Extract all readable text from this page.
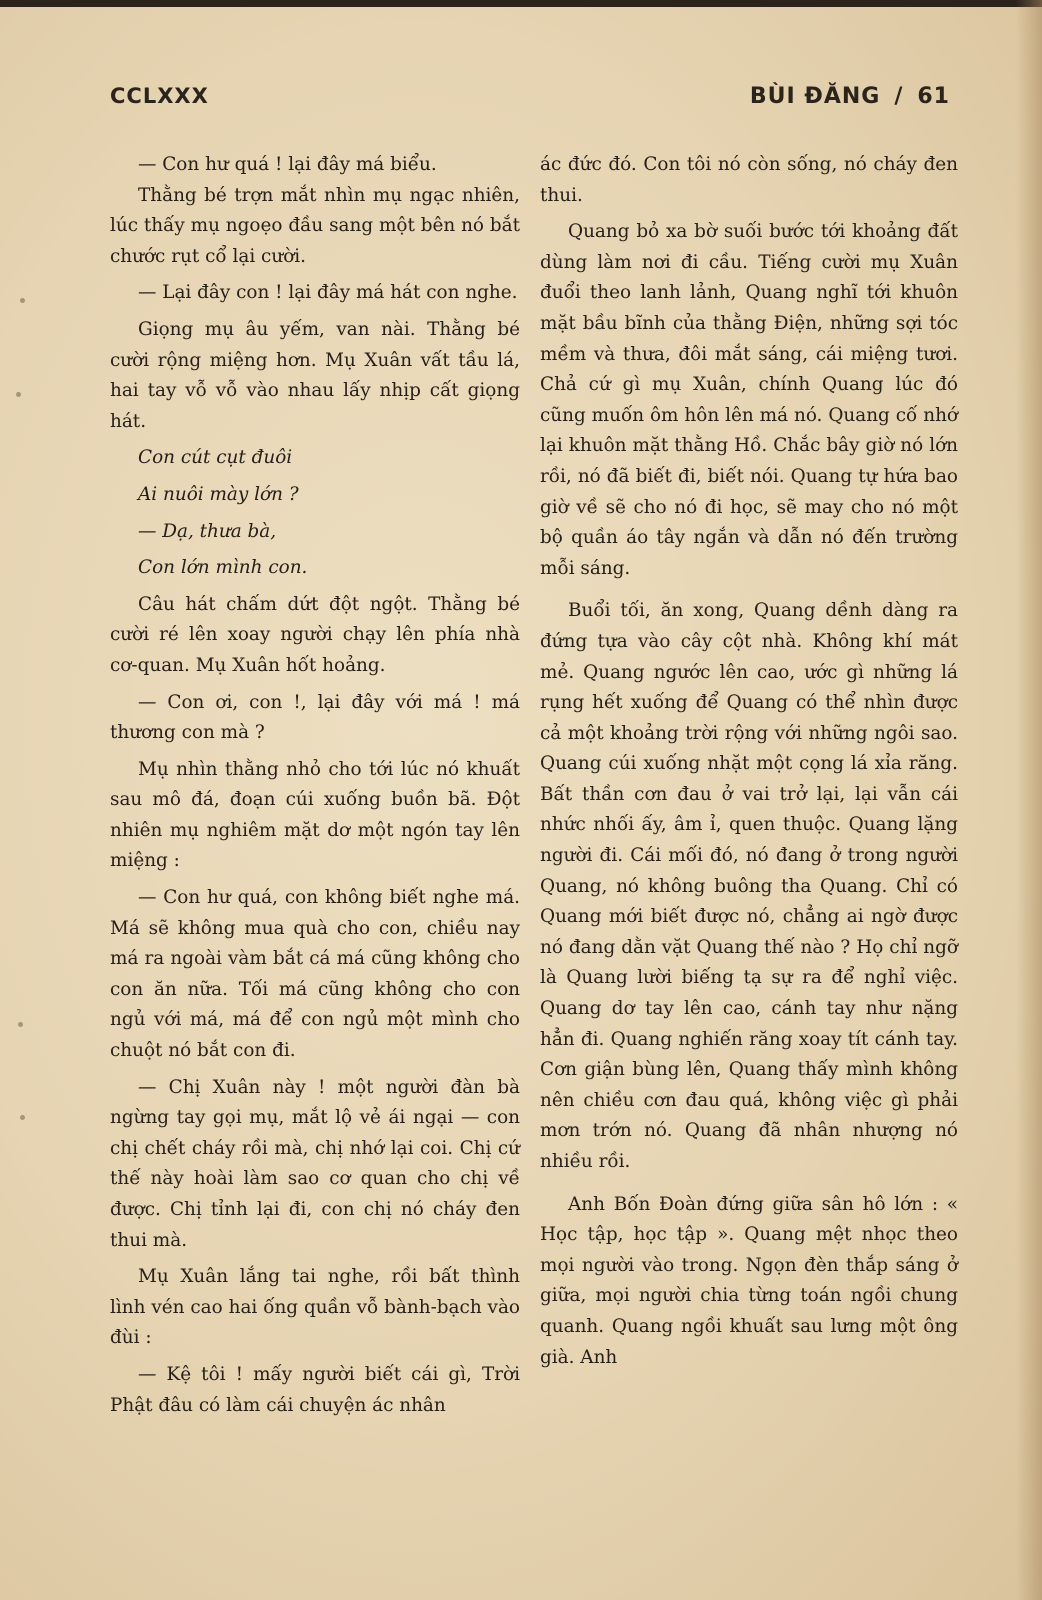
CCLXXX	BÙI ĐĂNG / 61

— Con hư quá ! lại đây má biểu.

Thằng bé trợn mắt nhìn mụ ngạc nhiên, lúc thấy mụ ngoẹo đầu sang một bên nó bắt chước rụt cổ lại cười.

— Lại đây con ! lại đây má hát con nghe.

Giọng mụ âu yếm, van nài. Thằng bé cười rộng miệng hơn. Mụ Xuân vất tầu lá, hai tay vỗ vỗ vào nhau lấy nhịp cất giọng hát.

Con cút cụt đuôi

Ai nuôi mày lớn ?

— Dạ, thưa bà,

Con lớn mình con.

Câu hát chấm dứt đột ngột. Thằng bé cười ré lên xoay người chạy lên phía nhà cơ-quan. Mụ Xuân hốt hoảng.

— Con ơi, con !, lại đây với má ! má thương con mà ?

Mụ nhìn thằng nhỏ cho tới lúc nó khuất sau mô đá, đoạn cúi xuống buồn bã. Đột nhiên mụ nghiêm mặt dơ một ngón tay lên miệng :

— Con hư quá, con không biết nghe má. Má sẽ không mua quà cho con, chiều nay má ra ngoài vàm bắt cá má cũng không cho con ăn nữa. Tối má cũng không cho con ngủ với má, má để con ngủ một mình cho chuột nó bắt con đi.

— Chị Xuân này ! một người đàn bà ngừng tay gọi mụ, mắt lộ vẻ ái ngại — con chị chết cháy rồi mà, chị nhớ lại coi. Chị cứ thế này hoài làm sao cơ quan cho chị về được. Chị tỉnh lại đi, con chị nó cháy đen thui mà.

Mụ Xuân lắng tai nghe, rồi bất thình lình vén cao hai ống quần vỗ bành-bạch vào đùi :

— Kệ tôi ! mấy người biết cái gì, Trời Phật đâu có làm cái chuyện ác nhân

ác đức đó. Con tôi nó còn sống, nó cháy đen thui.

Quang bỏ xa bờ suối bước tới khoảng đất dùng làm nơi đi cầu. Tiếng cười mụ Xuân đuổi theo lanh lảnh, Quang nghĩ tới khuôn mặt bầu bĩnh của thằng Điện, những sợi tóc mềm và thưa, đôi mắt sáng, cái miệng tươi. Chả cứ gì mụ Xuân, chính Quang lúc đó cũng muốn ôm hôn lên má nó. Quang cố nhớ lại khuôn mặt thằng Hồ. Chắc bây giờ nó lớn rồi, nó đã biết đi, biết nói. Quang tự hứa bao giờ về sẽ cho nó đi học, sẽ may cho nó một bộ quần áo tây ngắn và dẫn nó đến trường mỗi sáng.

Buổi tối, ăn xong, Quang dềnh dàng ra đứng tựa vào cây cột nhà. Không khí mát mẻ. Quang ngước lên cao, ước gì những lá rụng hết xuống để Quang có thể nhìn được cả một khoảng trời rộng với những ngôi sao. Quang cúi xuống nhặt một cọng lá xỉa răng. Bất thần cơn đau ở vai trở lại, lại vẫn cái nhức nhối ấy, âm ỉ, quen thuộc. Quang lặng người đi. Cái mối đó, nó đang ở trong người Quang, nó không buông tha Quang. Chỉ có Quang mới biết được nó, chẳng ai ngờ được nó đang dằn vặt Quang thế nào ? Họ chỉ ngỡ là Quang lười biếng tạ sự ra để nghỉ việc. Quang dơ tay lên cao, cánh tay như nặng hẳn đi. Quang nghiến răng xoay tít cánh tay. Cơn giận bùng lên, Quang thấy mình không nên chiều cơn đau quá, không việc gì phải mơn trớn nó. Quang đã nhân nhượng nó nhiều rồi.

Anh Bốn Đoàn đứng giữa sân hô lớn : « Học tập, học tập ». Quang mệt nhọc theo mọi người vào trong. Ngọn đèn thắp sáng ở giữa, mọi người chia từng toán ngồi chung quanh. Quang ngồi khuất sau lưng một ông già. Anh
